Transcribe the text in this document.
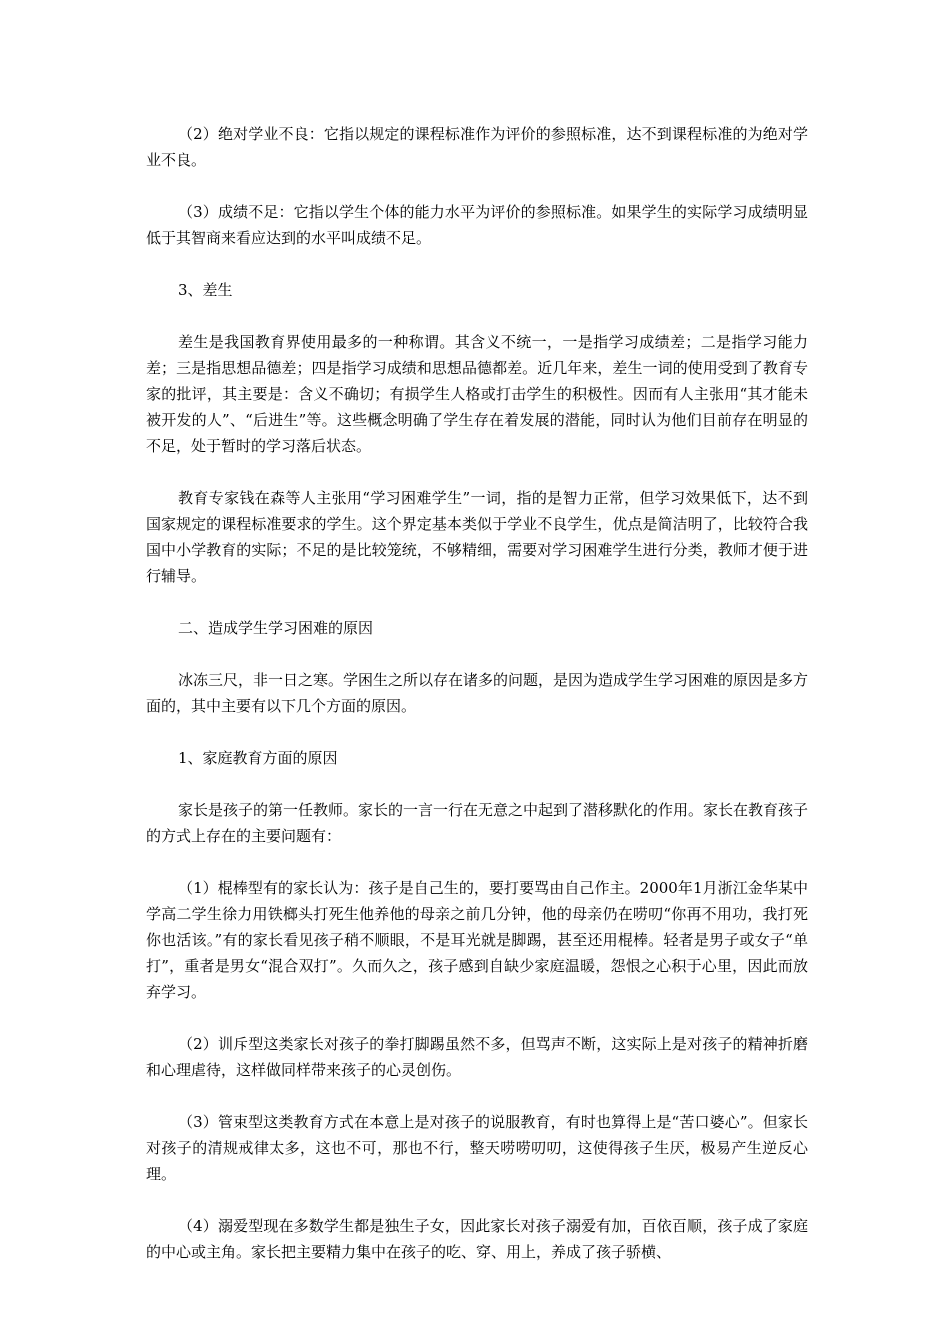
（2）绝对学业不良：它指以规定的课程标准作为评价的参照标准，达不到课程标准的为绝对学业不良。

（3）成绩不足：它指以学生个体的能力水平为评价的参照标准。如果学生的实际学习成绩明显低于其智商来看应达到的水平叫成绩不足。

3、差生

差生是我国教育界使用最多的一种称谓。其含义不统一，一是指学习成绩差；二是指学习能力差；三是指思想品德差；四是指学习成绩和思想品德都差。近几年来，差生一词的使用受到了教育专家的批评，其主要是：含义不确切；有损学生人格或打击学生的积极性。因而有人主张用“其才能未被开发的人”、“后进生”等。这些概念明确了学生存在着发展的潜能，同时认为他们目前存在明显的不足，处于暂时的学习落后状态。

教育专家钱在森等人主张用“学习困难学生”一词，指的是智力正常，但学习效果低下，达不到国家规定的课程标准要求的学生。这个界定基本类似于学业不良学生，优点是简洁明了，比较符合我国中小学教育的实际；不足的是比较笼统，不够精细，需要对学习困难学生进行分类，教师才便于进行辅导。

二、造成学生学习困难的原因

冰冻三尺，非一日之寒。学困生之所以存在诸多的问题，是因为造成学生学习困难的原因是多方面的，其中主要有以下几个方面的原因。

1、家庭教育方面的原因

家长是孩子的第一任教师。家长的一言一行在无意之中起到了潜移默化的作用。家长在教育孩子的方式上存在的主要问题有：

（1）棍棒型有的家长认为：孩子是自己生的，要打要骂由自己作主。2000年1月浙江金华某中学高二学生徐力用铁榔头打死生他养他的母亲之前几分钟，他的母亲仍在唠叨“你再不用功，我打死你也活该。”有的家长看见孩子稍不顺眼，不是耳光就是脚踢，甚至还用棍棒。轻者是男子或女子“单打”，重者是男女“混合双打”。久而久之，孩子感到自缺少家庭温暖，怨恨之心积于心里，因此而放弃学习。

（2）训斥型这类家长对孩子的拳打脚踢虽然不多，但骂声不断，这实际上是对孩子的精神折磨和心理虐待，这样做同样带来孩子的心灵创伤。

（3）管束型这类教育方式在本意上是对孩子的说服教育，有时也算得上是“苦口婆心”。但家长对孩子的清规戒律太多，这也不可，那也不行，整天唠唠叨叨，这使得孩子生厌，极易产生逆反心理。

（4）溺爱型现在多数学生都是独生子女，因此家长对孩子溺爱有加，百依百顺，孩子成了家庭的中心或主角。家长把主要精力集中在孩子的吃、穿、用上，养成了孩子骄横、
